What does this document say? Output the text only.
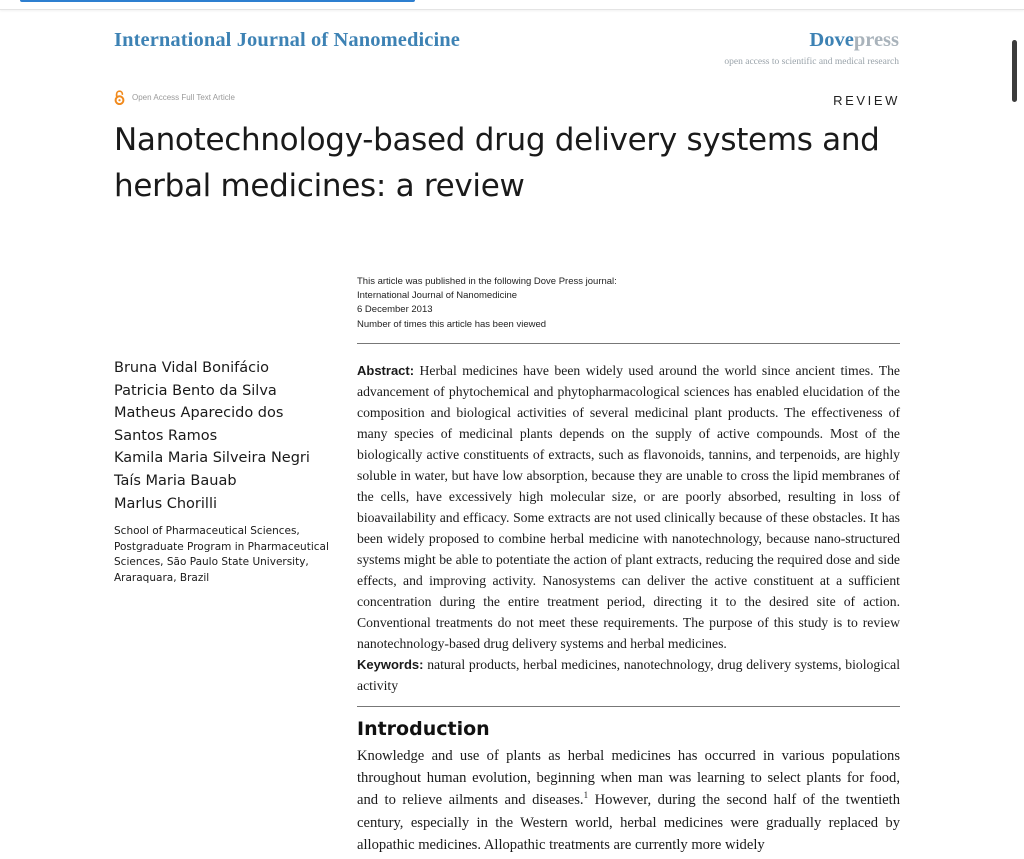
International Journal of Nanomedicine	Dovepress
open access to scientific and medical research
Open Access Full Text Article	REVIEW
Nanotechnology-based drug delivery systems and herbal medicines: a review
This article was published in the following Dove Press journal:
International Journal of Nanomedicine
6 December 2013
Number of times this article has been viewed
Bruna Vidal Bonifácio
Patricia Bento da Silva
Matheus Aparecido dos
Santos Ramos
Kamila Maria Silveira Negri
Taís Maria Bauab
Marlus Chorilli
School of Pharmaceutical Sciences, Postgraduate Program in Pharmaceutical Sciences, São Paulo State University, Araraquara, Brazil

Abstract: Herbal medicines have been widely used around the world since ancient times. The advancement of phytochemical and phytopharmacological sciences has enabled elucidation of the composition and biological activities of several medicinal plant products. The effectiveness of many species of medicinal plants depends on the supply of active compounds. Most of the biologically active constituents of extracts, such as flavonoids, tannins, and terpenoids, are highly soluble in water, but have low absorption, because they are unable to cross the lipid membranes of the cells, have excessively high molecular size, or are poorly absorbed, resulting in loss of bioavailability and efficacy. Some extracts are not used clinically because of these obstacles. It has been widely proposed to combine herbal medicine with nanotechnology, because nano-structured systems might be able to potentiate the action of plant extracts, reducing the required dose and side effects, and improving activity. Nanosystems can deliver the active constituent at a sufficient concentration during the entire treatment period, directing it to the desired site of action. Conventional treatments do not meet these requirements. The purpose of this study is to review nanotechnology-based drug delivery systems and herbal medicines.

Keywords: natural products, herbal medicines, nanotechnology, drug delivery systems, biological activity

Introduction

Knowledge and use of plants as herbal medicines has occurred in various populations throughout human evolution, beginning when man was learning to select plants for food, and to relieve ailments and diseases.$^1$ However, during the second half of the twentieth century, especially in the Western world, herbal medicines were gradually replaced by allopathic medicines. Allopathic treatments are currently more widely
